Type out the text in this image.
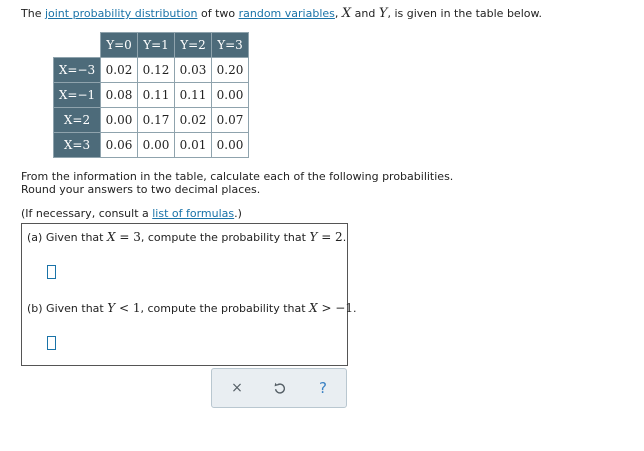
The joint probability distribution of two random variables, X and Y, is given in the table below.
	Y=0	Y=1	Y=2	Y=3
X=−3	0.02	0.12	0.03	0.20
X=−1	0.08	0.11	0.11	0.00
X=2	0.00	0.17	0.02	0.07
X=3	0.06	0.00	0.01	0.00
From the information in the table, calculate each of the following probabilities.
Round your answers to two decimal places.
(If necessary, consult a list of formulas.)
(a) Given that X = 3, compute the probability that Y = 2.
(b) Given that Y < 1, compute the probability that X > −1.
×	?
